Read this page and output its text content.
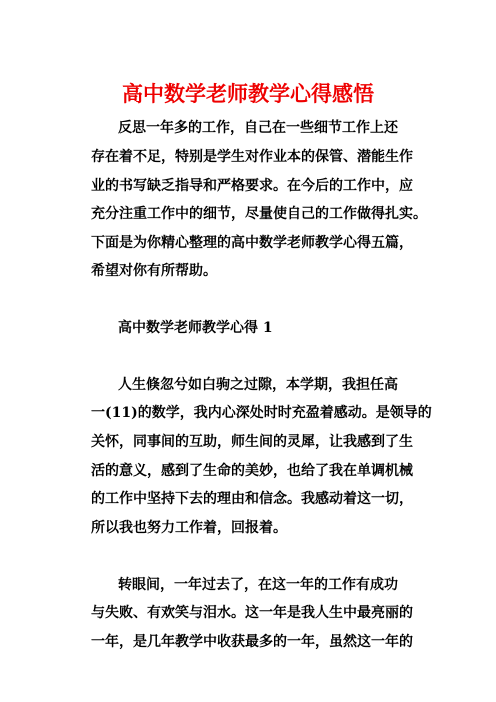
高中数学老师教学心得感悟
反思一年多的工作，自己在一些细节工作上还
存在着不足，特别是学生对作业本的保管、潜能生作
业的书写缺乏指导和严格要求。在今后的工作中，应
充分注重工作中的细节，尽量使自己的工作做得扎实。
下面是为你精心整理的高中数学老师教学心得五篇，
希望对你有所帮助。
高中数学老师教学心得 1
人生倏忽兮如白驹之过隙，本学期，我担任高
一(11)的数学，我内心深处时时充盈着感动。是领导的
关怀，同事间的互助，师生间的灵犀，让我感到了生
活的意义，感到了生命的美妙，也给了我在单调机械
的工作中坚持下去的理由和信念。我感动着这一切，
所以我也努力工作着，回报着。
转眼间，一年过去了，在这一年的工作有成功
与失败、有欢笑与泪水。这一年是我人生中最亮丽的
一年，是几年教学中收获最多的一年，虽然这一年的
